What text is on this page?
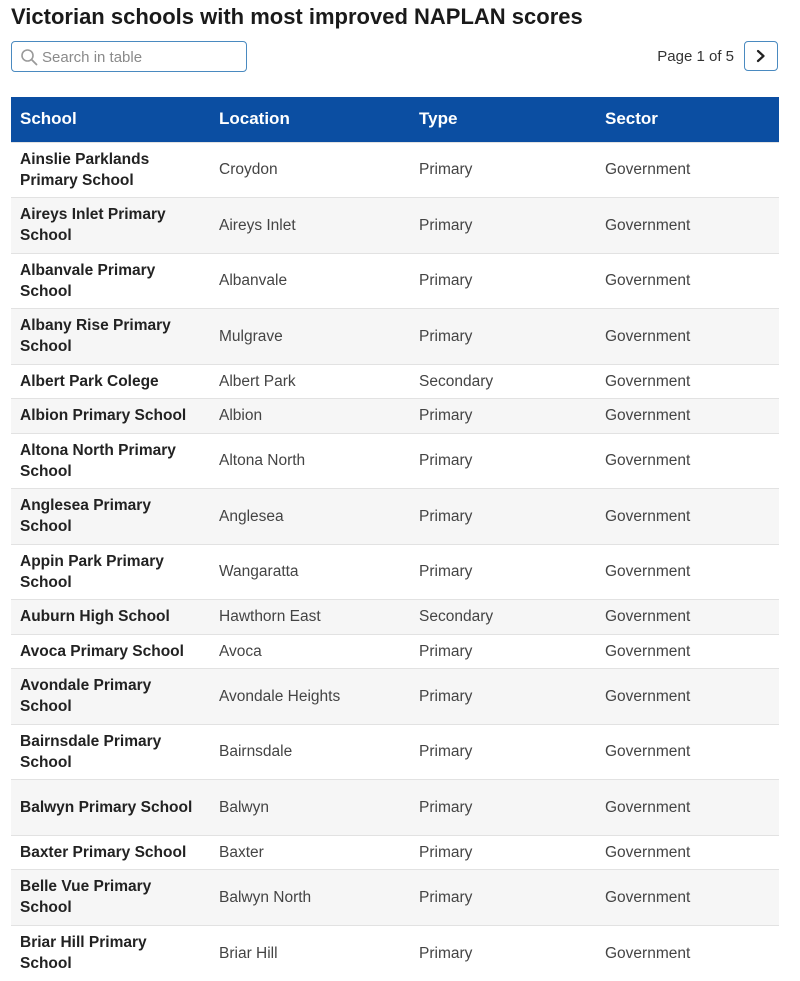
Victorian schools with most improved NAPLAN scores
Search in table
Page 1 of 5
School	Location	Type	Sector
Ainslie Parklands Primary School	Croydon	Primary	Government
Aireys Inlet Primary School	Aireys Inlet	Primary	Government
Albanvale Primary School	Albanvale	Primary	Government
Albany Rise Primary School	Mulgrave	Primary	Government
Albert Park Colege	Albert Park	Secondary	Government
Albion Primary School	Albion	Primary	Government
Altona North Primary School	Altona North	Primary	Government
Anglesea Primary School	Anglesea	Primary	Government
Appin Park Primary School	Wangaratta	Primary	Government
Auburn High School	Hawthorn East	Secondary	Government
Avoca Primary School	Avoca	Primary	Government
Avondale Primary School	Avondale Heights	Primary	Government
Bairnsdale Primary School	Bairnsdale	Primary	Government
Balwyn Primary School	Balwyn	Primary	Government
Baxter Primary School	Baxter	Primary	Government
Belle Vue Primary School	Balwyn North	Primary	Government
Briar Hill Primary School	Briar Hill	Primary	Government
